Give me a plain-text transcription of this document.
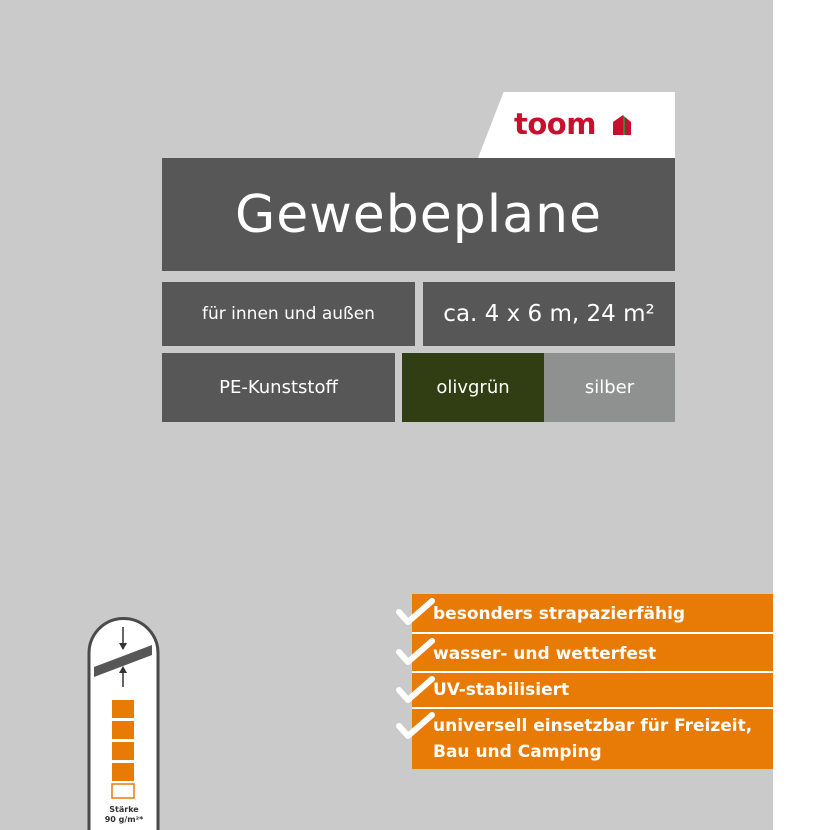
toom
Gewebeplane
für innen und außen	ca. 4 x 6 m, 24 m²
PE-Kunststoff	olivgrün	silber
besonders strapazierfähig
wasser- und wetterfest
UV-stabilisiert
universell einsetzbar für Freizeit,
Bau und Camping
Stärke
90 g/m²*
